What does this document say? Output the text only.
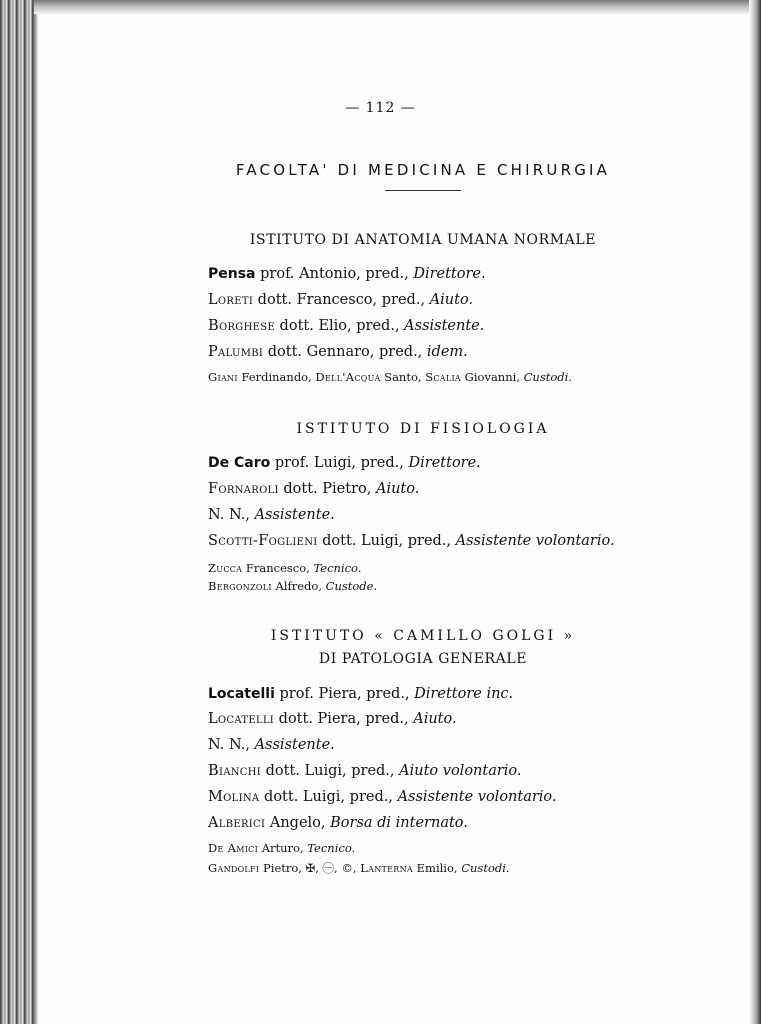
— 112 —
FACOLTA' DI MEDICINA E CHIRURGIA
ISTITUTO DI ANATOMIA UMANA NORMALE
Pensa prof. Antonio, pred., Direttore.
Loreti dott. Francesco, pred., Aiuto.
Borghese dott. Elio, pred., Assistente.
Palumbi dott. Gennaro, pred., idem.
Giani Ferdinando, Dell'Acqua Santo, Scalia Giovanni, Custodi.
ISTITUTO DI FISIOLOGIA
De Caro prof. Luigi, pred., Direttore.
Fornaroli dott. Pietro, Aiuto.
N. N., Assistente.
Scotti-Foglieni dott. Luigi, pred., Assistente volontario.
Zucca Francesco, Tecnico.
Bergonzoli Alfredo, Custode.
ISTITUTO « CAMILLO GOLGI »
DI PATOLOGIA GENERALE
Locatelli prof. Piera, pred., Direttore inc.
Locatelli dott. Piera, pred., Aiuto.
N. N., Assistente.
Bianchi dott. Luigi, pred., Aiuto volontario.
Molina dott. Luigi, pred., Assistente volontario.
Alberici Angelo, Borsa di internato.
De Amici Arturo, Tecnico.
Gandolfi Pietro, ✠, ㊀, ©, Lanterna Emilio, Custodi.
